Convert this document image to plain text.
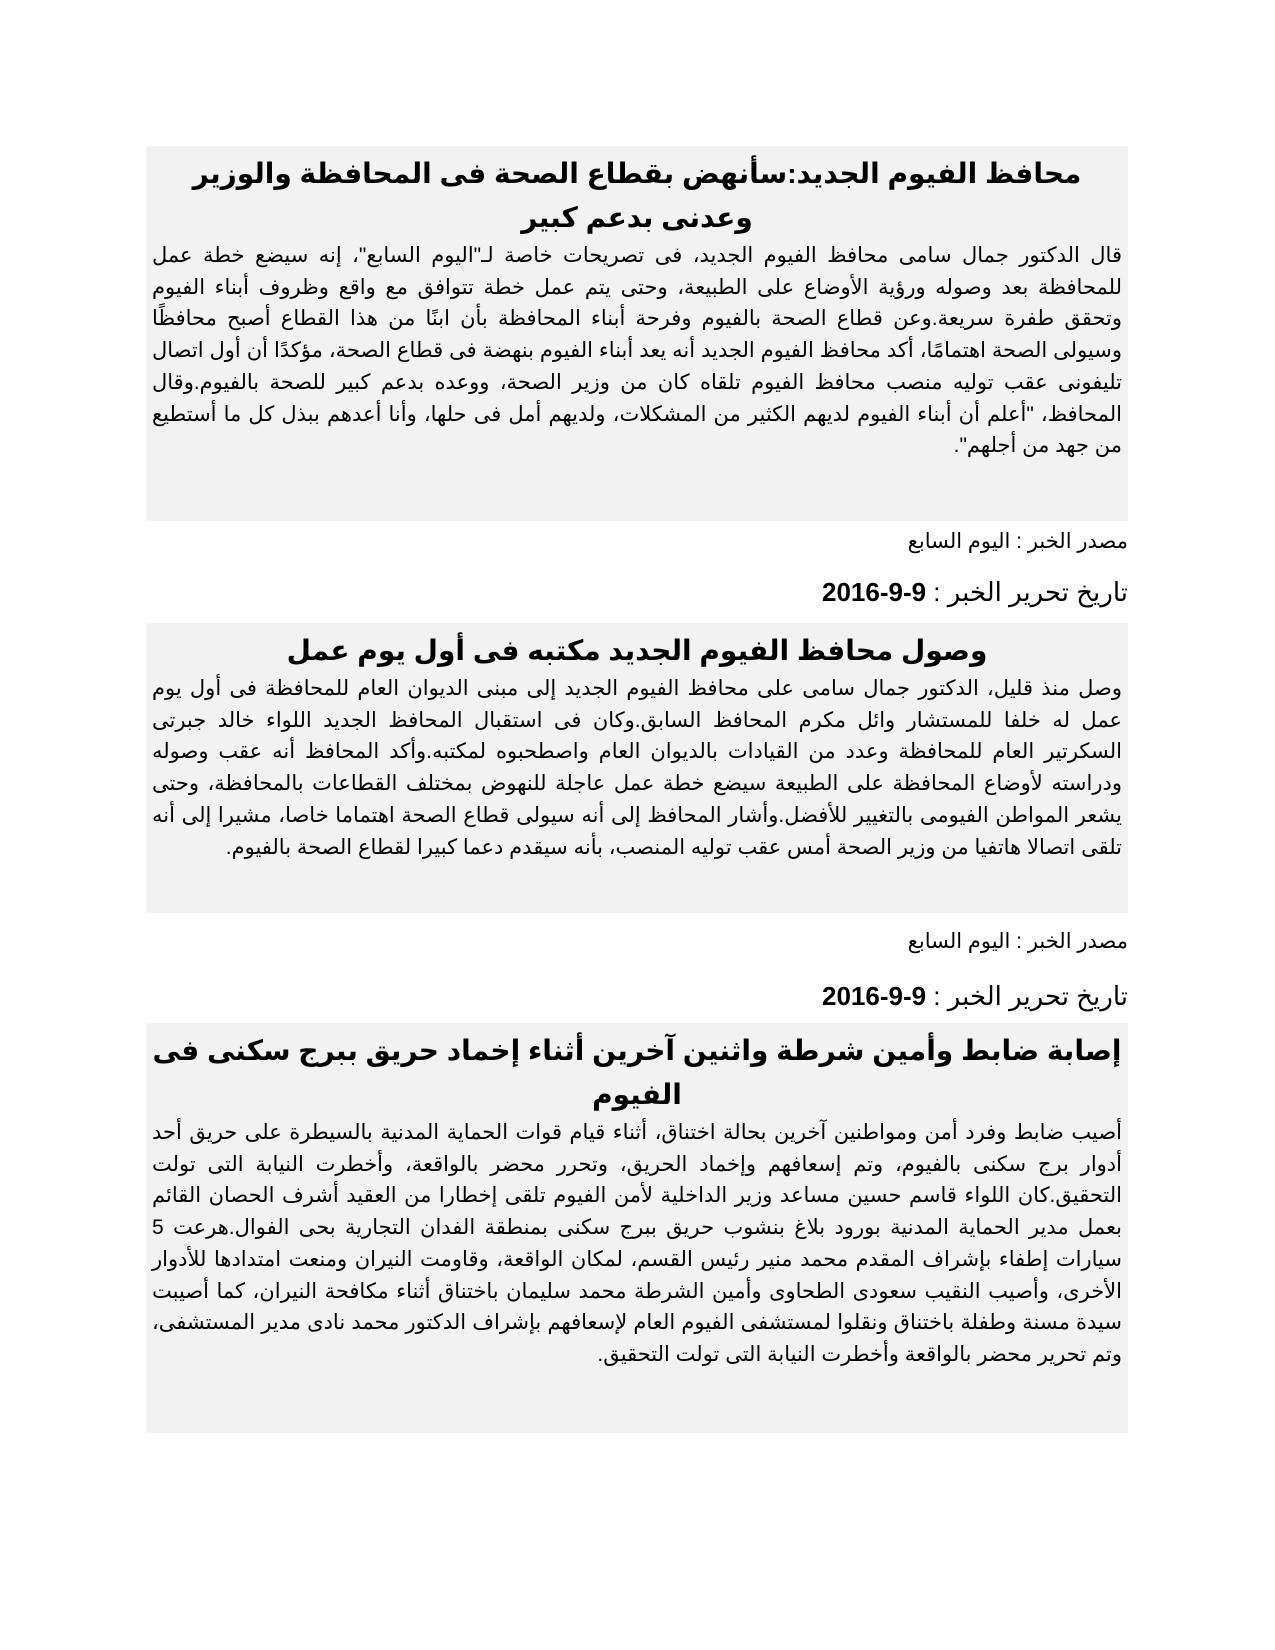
محافظ الفيوم الجديد:سأنهض بقطاع الصحة فى المحافظة والوزير وعدنى بدعم كبير

قال الدكتور جمال سامى محافظ الفيوم الجديد، فى تصريحات خاصة لـ"اليوم السابع"، إنه سيضع خطة عمل للمحافظة بعد وصوله ورؤية الأوضاع على الطبيعة، وحتى يتم عمل خطة تتوافق مع واقع وظروف أبناء الفيوم وتحقق طفرة سريعة.وعن قطاع الصحة بالفيوم وفرحة أبناء المحافظة بأن ابنًا من هذا القطاع أصبح محافظًا وسيولى الصحة اهتمامًا، أكد محافظ الفيوم الجديد أنه يعد أبناء الفيوم بنهضة فى قطاع الصحة، مؤكدًا أن أول اتصال تليفونى عقب توليه منصب محافظ الفيوم تلقاه كان من وزير الصحة، ووعده بدعم كبير للصحة بالفيوم.وقال المحافظ، "أعلم أن أبناء الفيوم لديهم الكثير من المشكلات، ولديهم أمل فى حلها، وأنا أعدهم ببذل كل ما أستطيع من جهد من أجلهم".

مصدر الخبر : اليوم السابع

تاريخ تحرير الخبر : 2016-9-9

وصول محافظ الفيوم الجديد مكتبه فى أول يوم عمل

وصل منذ قليل، الدكتور جمال سامى على محافظ الفيوم الجديد إلى مبنى الديوان العام للمحافظة فى أول يوم عمل له خلفا للمستشار وائل مكرم المحافظ السابق.وكان فى استقبال المحافظ الجديد اللواء خالد جبرتى السكرتير العام للمحافظة وعدد من القيادات بالديوان العام واصطحبوه لمكتبه.وأكد المحافظ أنه عقب وصوله ودراسته لأوضاع المحافظة على الطبيعة سيضع خطة عمل عاجلة للنهوض بمختلف القطاعات بالمحافظة، وحتى يشعر المواطن الفيومى بالتغيير للأفضل.وأشار المحافظ إلى أنه سيولى قطاع الصحة اهتماما خاصا، مشيرا إلى أنه تلقى اتصالا هاتفيا من وزير الصحة أمس عقب توليه المنصب، بأنه سيقدم دعما كبيرا لقطاع الصحة بالفيوم.

مصدر الخبر : اليوم السابع

تاريخ تحرير الخبر : 2016-9-9

إصابة ضابط وأمين شرطة واثنين آخرين أثناء إخماد حريق ببرج سكنى فى الفيوم

أصيب ضابط وفرد أمن ومواطنين آخرين بحالة اختناق، أثناء قيام قوات الحماية المدنية بالسيطرة على حريق أحد أدوار برج سكنى بالفيوم، وتم إسعافهم وإخماد الحريق، وتحرر محضر بالواقعة، وأخطرت النيابة التى تولت التحقيق.كان اللواء قاسم حسين مساعد وزير الداخلية لأمن الفيوم تلقى إخطارا من العقيد أشرف الحصان القائم بعمل مدير الحماية المدنية بورود بلاغ بنشوب حريق ببرج سكنى بمنطقة الفدان التجارية بحى الفوال.هرعت 5 سيارات إطفاء بإشراف المقدم محمد منير رئيس القسم، لمكان الواقعة، وقاومت النيران ومنعت امتدادها للأدوار الأخرى، وأصيب النقيب سعودى الطحاوى وأمين الشرطة محمد سليمان باختناق أثناء مكافحة النيران، كما أصيبت سيدة مسنة وطفلة باختناق ونقلوا لمستشفى الفيوم العام لإسعافهم بإشراف الدكتور محمد نادى مدير المستشفى، وتم تحرير محضر بالواقعة وأخطرت النيابة التى تولت التحقيق.
